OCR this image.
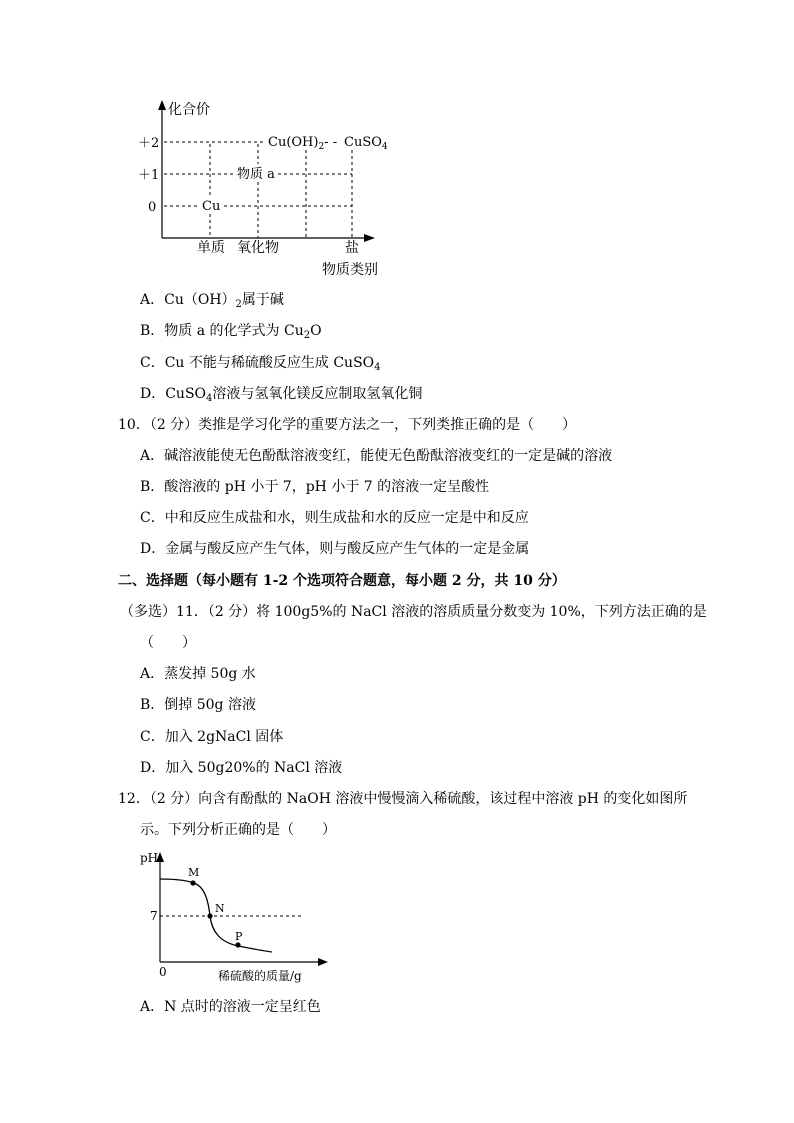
化合价
＋2
＋1
0	Cu
物质 a
$Cu(OH)_2-$ - CuSO$_4$
单质 氧化物	盐
物质类别
A．$Cu(OH)_2$属于碱
B．物质 a 的化学式为 $Cu_2O$
C．Cu 不能与稀硫酸反应生成 CuSO$_4$
D．CuSO$_4$溶液与氢氧化镁反应制取氢氧化铜
10．（2 分）类推是学习化学的重要方法之一，下列类推正确的是（　　）
A．碱溶液能使无色酚酞溶液变红，能使无色酚酞溶液变红的一定是碱的溶液
B．酸溶液的 pH 小于 7，pH 小于 7 的溶液一定呈酸性
C．中和反应生成盐和水，则生成盐和水的反应一定是中和反应
D．金属与酸反应产生气体，则与酸反应产生气体的一定是金属
二、选择题（每小题有 1-2 个选项符合题意，每小题 2 分，共 10 分）
（多选）11．（2 分）将 100g5%的 NaCl 溶液的溶质质量分数变为 10%，下列方法正确的是
（　　）
A．蒸发掉 50g 水
B．倒掉 50g 溶液
C．加入 2gNaCl 固体
D．加入 50g20%的 NaCl 溶液
12．（2 分）向含有酚酞的 NaOH 溶液中慢慢滴入稀硫酸，该过程中溶液 pH 的变化如图所
示。下列分析正确的是（　　）
pH
7
0
M
N
P
稀硫酸的质量/g
A．N 点时的溶液一定呈红色
